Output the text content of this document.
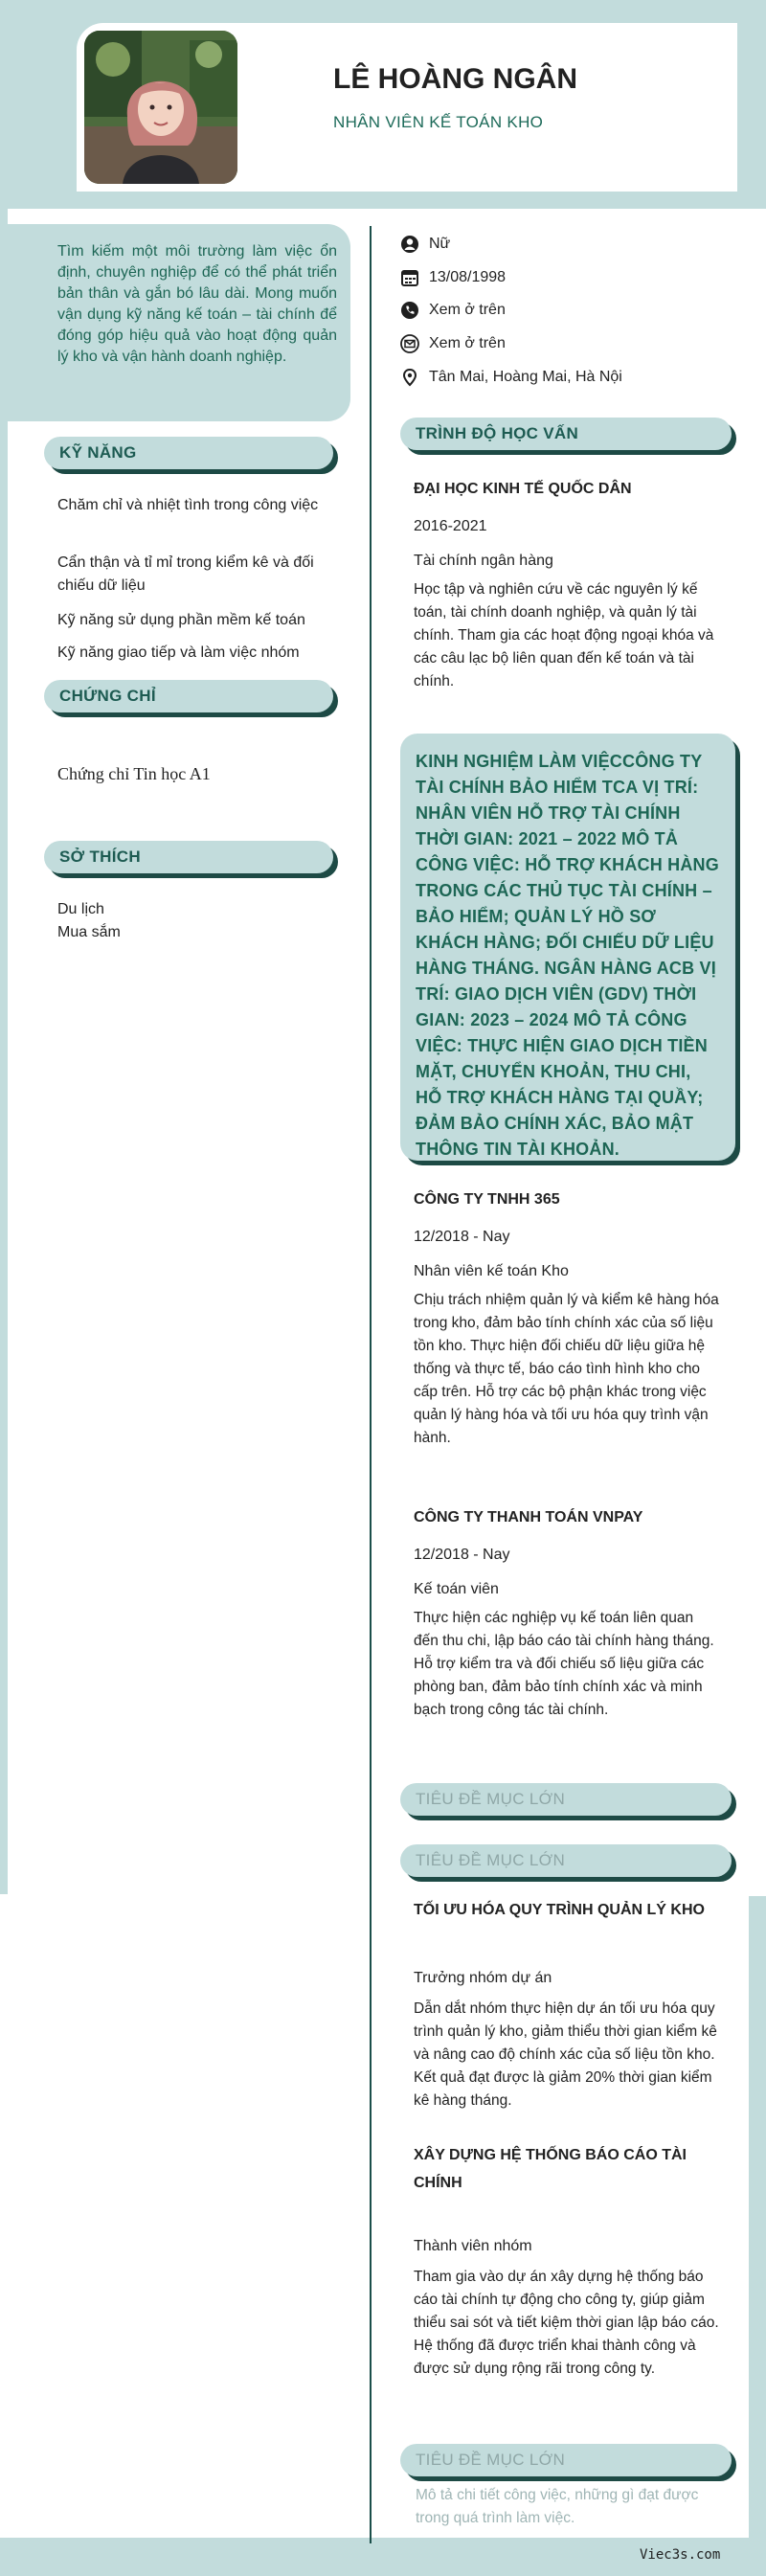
LÊ HOÀNG NGÂN
NHÂN VIÊN KẾ TOÁN KHO
Tìm kiếm một môi trường làm việc ổn định, chuyên nghiệp để có thể phát triển bản thân và gắn bó lâu dài. Mong muốn vận dụng kỹ năng kế toán – tài chính để đóng góp hiệu quả vào hoạt động quản lý kho và vận hành doanh nghiệp.
KỸ NĂNG
Chăm chỉ và nhiệt tình trong công việc
Cẩn thận và tỉ mỉ trong kiểm kê và đối chiếu dữ liệu
Kỹ năng sử dụng phần mềm kế toán
Kỹ năng giao tiếp và làm việc nhóm
CHỨNG CHỈ
Chứng chỉ Tin học A1
SỞ THÍCH
Du lịch
Mua sắm
Nữ
13/08/1998
Xem ở trên
Xem ở trên
Tân Mai, Hoàng Mai, Hà Nội
TRÌNH ĐỘ HỌC VẤN
ĐẠI HỌC KINH TẾ QUỐC DÂN
2016-2021
Tài chính ngân hàng
Học tập và nghiên cứu về các nguyên lý kế toán, tài chính doanh nghiệp, và quản lý tài chính. Tham gia các hoạt động ngoại khóa và các câu lạc bộ liên quan đến kế toán và tài chính.
KINH NGHIỆM LÀM VIỆCCÔNG TY TÀI CHÍNH BẢO HIỂM TCA VỊ TRÍ: NHÂN VIÊN HỖ TRỢ TÀI CHÍNH THỜI GIAN: 2021 – 2022 MÔ TẢ CÔNG VIỆC: HỖ TRỢ KHÁCH HÀNG TRONG CÁC THỦ TỤC TÀI CHÍNH – BẢO HIỂM; QUẢN LÝ HỒ SƠ KHÁCH HÀNG; ĐỐI CHIẾU DỮ LIỆU HÀNG THÁNG. NGÂN HÀNG ACB VỊ TRÍ: GIAO DỊCH VIÊN (GDV) THỜI GIAN: 2023 – 2024 MÔ TẢ CÔNG VIỆC: THỰC HIỆN GIAO DỊCH TIỀN MẶT, CHUYỂN KHOẢN, THU CHI, HỖ TRỢ KHÁCH HÀNG TẠI QUẦY; ĐẢM BẢO CHÍNH XÁC, BẢO MẬT THÔNG TIN TÀI KHOẢN.
CÔNG TY TNHH 365
12/2018 - Nay
Nhân viên kế toán Kho
Chịu trách nhiệm quản lý và kiểm kê hàng hóa trong kho, đảm bảo tính chính xác của số liệu tồn kho. Thực hiện đối chiếu dữ liệu giữa hệ thống và thực tế, báo cáo tình hình kho cho cấp trên. Hỗ trợ các bộ phận khác trong việc quản lý hàng hóa và tối ưu hóa quy trình vận hành.
CÔNG TY THANH TOÁN VNPAY
12/2018 - Nay
Kế toán viên
Thực hiện các nghiệp vụ kế toán liên quan đến thu chi, lập báo cáo tài chính hàng tháng. Hỗ trợ kiểm tra và đối chiếu số liệu giữa các phòng ban, đảm bảo tính chính xác và minh bạch trong công tác tài chính.
TIÊU ĐỀ MỤC LỚN
TIÊU ĐỀ MỤC LỚN
TỐI ƯU HÓA QUY TRÌNH QUẢN LÝ KHO
Trưởng nhóm dự án
Dẫn dắt nhóm thực hiện dự án tối ưu hóa quy trình quản lý kho, giảm thiểu thời gian kiểm kê và nâng cao độ chính xác của số liệu tồn kho. Kết quả đạt được là giảm 20% thời gian kiểm kê hàng tháng.
XÂY DỰNG HỆ THỐNG BÁO CÁO TÀI CHÍNH
Thành viên nhóm
Tham gia vào dự án xây dựng hệ thống báo cáo tài chính tự động cho công ty, giúp giảm thiểu sai sót và tiết kiệm thời gian lập báo cáo. Hệ thống đã được triển khai thành công và được sử dụng rộng rãi trong công ty.
TIÊU ĐỀ MỤC LỚN
Mô tả chi tiết công việc, những gì đạt được trong quá trình làm việc.
Viec3s.com
